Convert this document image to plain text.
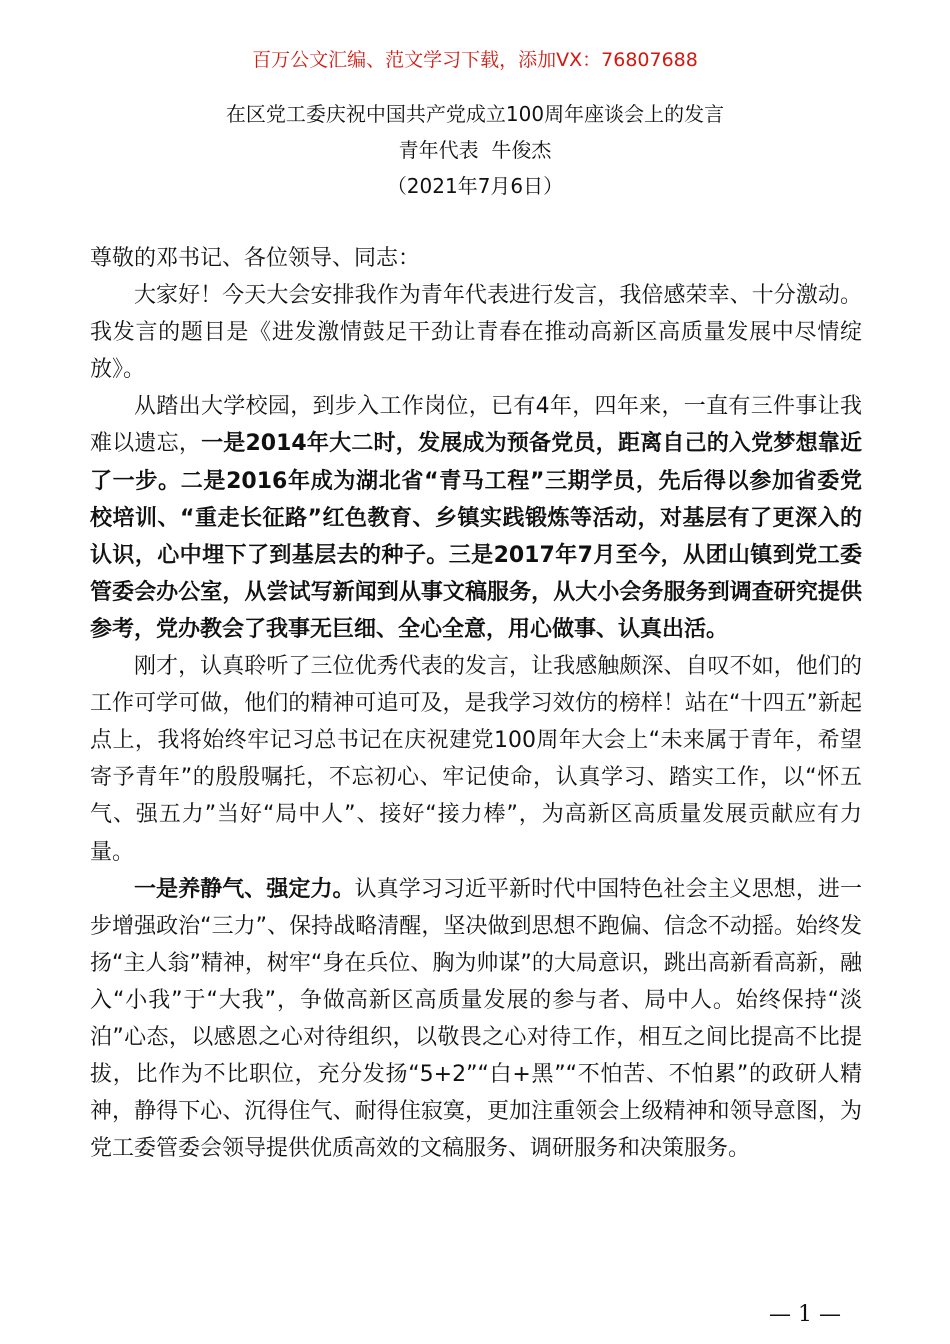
百万公文汇编、范文学习下载，添加VX：76807688
在区党工委庆祝中国共产党成立100周年座谈会上的发言
青年代表  牛俊杰
（2021年7月6日）

尊敬的邓书记、各位领导、同志：

大家好！今天大会安排我作为青年代表进行发言，我倍感荣幸、十分激动。我发言的题目是《进发激情鼓足干劲让青春在推动高新区高质量发展中尽情绽放》。

从踏出大学校园，到步入工作岗位，已有4年，四年来，一直有三件事让我难以遗忘，一是2014年大二时，发展成为预备党员，距离自己的入党梦想靠近了一步。二是2016年成为湖北省“青马工程”三期学员，先后得以参加省委党校培训、“重走长征路”红色教育、乡镇实践锻炼等活动，对基层有了更深入的认识，心中埋下了到基层去的种子。三是2017年7月至今，从团山镇到党工委管委会办公室，从尝试写新闻到从事文稿服务，从大小会务服务到调查研究提供参考，党办教会了我事无巨细、全心全意，用心做事、认真出活。

刚才，认真聆听了三位优秀代表的发言，让我感触颇深、自叹不如，他们的工作可学可做，他们的精神可追可及，是我学习效仿的榜样！站在“十四五”新起点上，我将始终牢记习总书记在庆祝建党100周年大会上“未来属于青年，希望寄予青年”的殷殷嘱托，不忘初心、牢记使命，认真学习、踏实工作，以“怀五气、强五力”当好“局中人”、接好“接力棒”，为高新区高质量发展贡献应有力量。

一是养静气、强定力。认真学习习近平新时代中国特色社会主义思想，进一步增强政治“三力”、保持战略清醒，坚决做到思想不跑偏、信念不动摇。始终发扬“主人翁”精神，树牢“身在兵位、胸为帅谋”的大局意识，跳出高新看高新，融入“小我”于“大我”，争做高新区高质量发展的参与者、局中人。始终保持“淡泊”心态，以感恩之心对待组织，以敬畏之心对待工作，相互之间比提高不比提拔，比作为不比职位，充分发扬“5+2”“白+黑”“不怕苦、不怕累”的政研人精神，静得下心、沉得住气、耐得住寂寞，更加注重领会上级精神和领导意图，为党工委管委会领导提供优质高效的文稿服务、调研服务和决策服务。

— 1 —
